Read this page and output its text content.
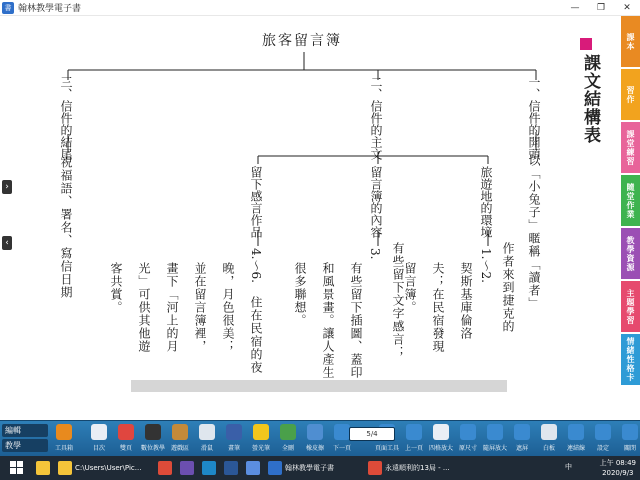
書 翰林教學電子書	—	❐	✕
›
‹
旅客留言簿
一、信件的開頭
以「小兔子」暱稱「讀者」
二、信件的主文
三、信件的結尾
祝福語、署名、寫信日期	旅遊地的環境
1.～2. 作者來到捷克的
契斯基庫倫洛
夫；在民宿發現
留言簿。
留言簿的內容
3. 有些留下文字感言；
有些留下插圖、蓋印
和風景畫。讓人產生
很多聯想。
留下感言作品
4.～6.
住在民宿的夜
晚，月色很美；
並在留言簿裡，
畫下「河上的月
光」可供其他遊
客共賞。
課文結構表
課本
習作
課堂練習
隨堂作業
教學資源
主題學習
情緒性格卡
編輯
教學	工具箱	目次	雙頁	數位教學 遊戲區	滑鼠	畫筆	螢光筆	全刪	橡皮擦	下一頁	頁面工具 上一頁 四格放大 原尺寸 隨屏放大	遮屏	白板	連結線	設定	關閉
5/4
C:\Users\User\Pic...	翰林教學電子書	永遠順利的13局 - ...	中	上午 08:49
2020/9/3
